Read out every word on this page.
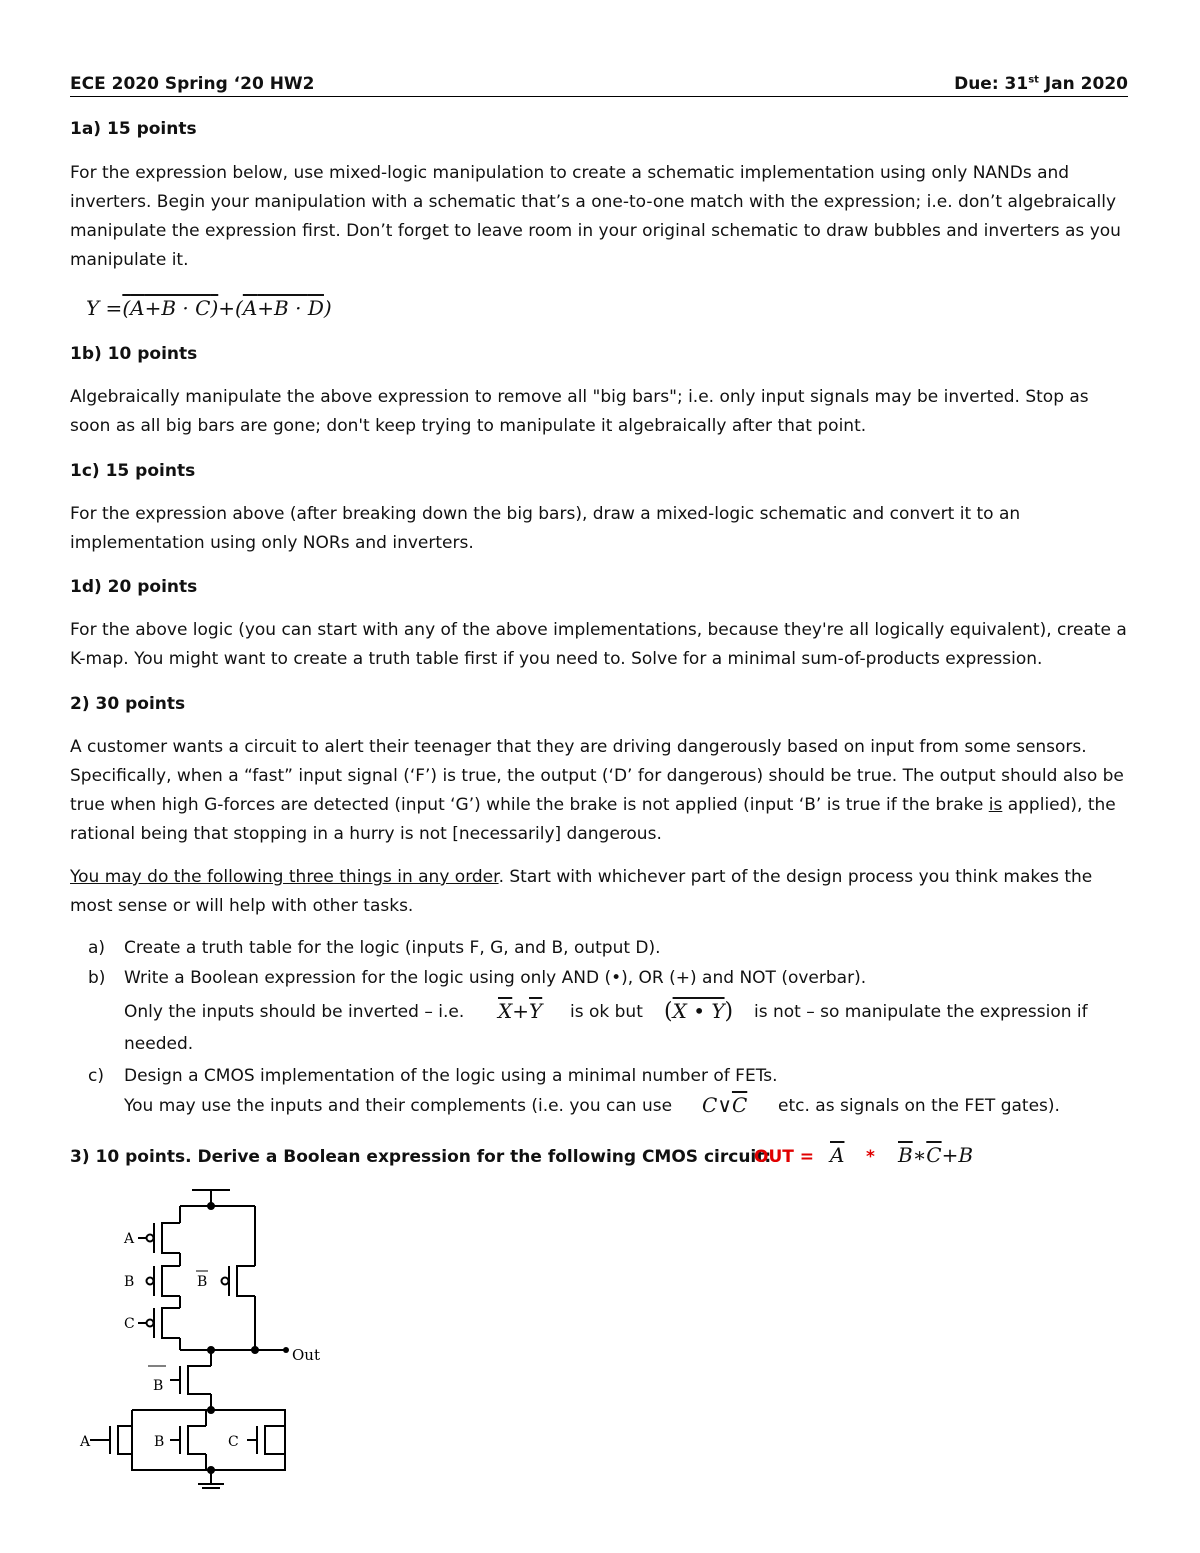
ECE 2020 Spring ‘20 HW2	Due: 31st Jan 2020
1a) 15 points
For the expression below, use mixed-logic manipulation to create a schematic implementation using only NANDs and inverters. Begin your manipulation with a schematic that’s a one-to-one match with the expression; i.e. don’t algebraically manipulate the expression first. Don’t forget to leave room in your original schematic to draw bubbles and inverters as you manipulate it.
Y =(A+B · C)+(A+B · D)
1b) 10 points
Algebraically manipulate the above expression to remove all "big bars"; i.e. only input signals may be inverted. Stop as soon as all big bars are gone; don't keep trying to manipulate it algebraically after that point.
1c) 15 points
For the expression above (after breaking down the big bars), draw a mixed-logic schematic and convert it to an implementation using only NORs and inverters.
1d) 20 points
For the above logic (you can start with any of the above implementations, because they're all logically equivalent), create a K-map. You might want to create a truth table first if you need to. Solve for a minimal sum-of-products expression.
2) 30 points
A customer wants a circuit to alert their teenager that they are driving dangerously based on input from some sensors. Specifically, when a “fast” input signal (‘F’) is true, the output (‘D’ for dangerous) should be true. The output should also be true when high G-forces are detected (input ‘G’) while the brake is not applied (input ‘B’ is true if the brake is applied), the rational being that stopping in a hurry is not [necessarily] dangerous.
You may do the following three things in any order. Start with whichever part of the design process you think makes the most sense or will help with other tasks.
a) Create a truth table for the logic (inputs F, G, and B, output D).
b) Write a Boolean expression for the logic using only AND (•), OR (+) and NOT (overbar).
Only the inputs should be inverted – i.e. $\overline{X}+\overline{Y}$ is ok but (X • Y) is not – so manipulate the expression if
needed.
c) Design a CMOS implementation of the logic using a minimal number of FETs.
You may use the inputs and their complements (i.e. you can use $C\vee\overline{C}$ etc. as signals on the FET gates).
3) 10 points. Derive a Boolean expression for the following CMOS circuit:
OUT = $\overline{A}$ * $\overline{B}∗\overline{C}+B$
A
B	B
C
Out
B
A	B	C
